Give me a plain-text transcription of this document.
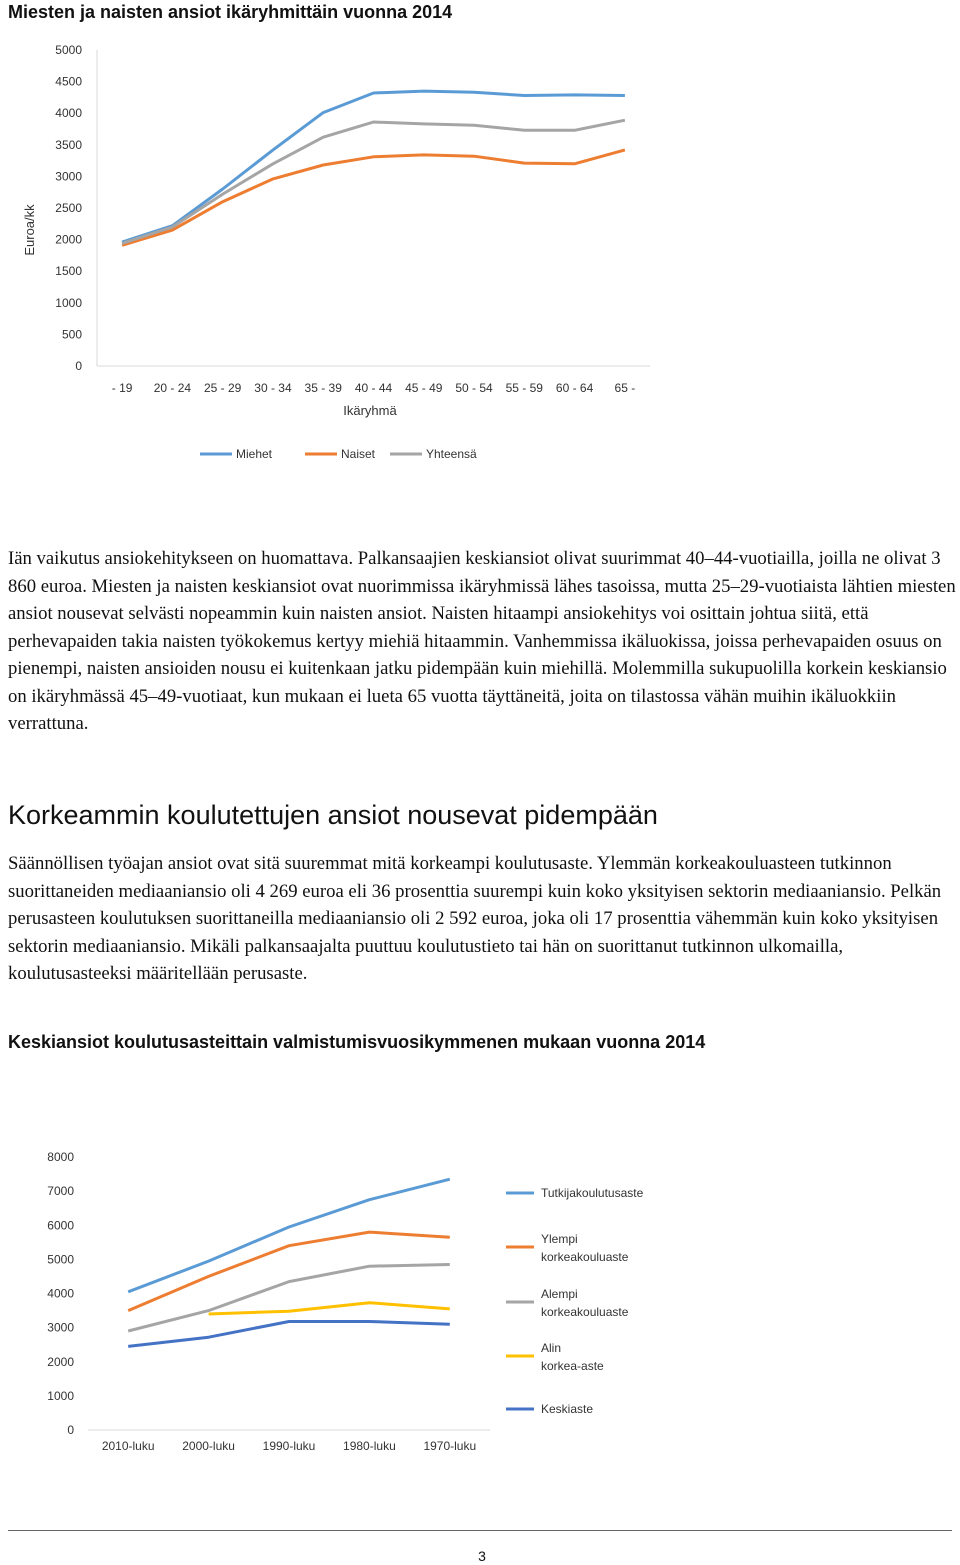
Miesten ja naisten ansiot ikäryhmittäin vuonna 2014
0
500
1000
1500
2000
2500
3000
3500
4000
4500
5000
- 19 20 - 24 25 - 29 30 - 34 35 - 39 40 - 44 45 - 49 50 - 54 55 - 59 60 - 64 65 -
Ikäryhmä
Euroa/kk
Miehet	Naiset	Yhteensä
Iän vaikutus ansiokehitykseen on huomattava. Palkansaajien keskiansiot olivat suurimmat 40–44-vuotiailla, joilla ne olivat 3 860 euroa. Miesten ja naisten keskiansiot ovat nuorimmissa ikäryhmissä lähes tasoissa, mutta 25–29-vuotiaista lähtien miesten ansiot nousevat selvästi nopeammin kuin naisten ansiot. Naisten hitaampi ansiokehitys voi osittain johtua siitä, että perhevapaiden takia naisten työkokemus kertyy miehiä hitaammin. Vanhemmissa ikäluokissa, joissa perhevapaiden osuus on pienempi, naisten ansioiden nousu ei kuitenkaan jatku pidempään kuin miehillä. Molemmilla sukupuolilla korkein keskiansio on ikäryhmässä 45–49-vuotiaat, kun mukaan ei lueta 65 vuotta täyttäneitä, joita on tilastossa vähän muihin ikäluokkiin verrattuna.
Korkeammin koulutettujen ansiot nousevat pidempään
Säännöllisen työajan ansiot ovat sitä suuremmat mitä korkeampi koulutusaste. Ylemmän korkeakouluasteen tutkinnon suorittaneiden mediaaniansio oli 4 269 euroa eli 36 prosenttia suurempi kuin koko yksityisen sektorin mediaaniansio. Pelkän perusasteen koulutuksen suorittaneilla mediaaniansio oli 2 592 euroa, joka oli 17 prosenttia vähemmän kuin koko yksityisen sektorin mediaaniansio. Mikäli palkansaajalta puuttuu koulutustieto tai hän on suorittanut tutkinnon ulkomailla, koulutusasteeksi määritellään perusaste.
Keskiansiot koulutusasteittain valmistumisvuosikymmenen mukaan vuonna 2014
0
1000
2000
3000
4000
5000
6000
7000
8000
2010-luku 2000-luku 1990-luku 1980-luku 1970-luku
Tutkijakoulutusaste
Ylempi korkeakouluaste
Alempi korkeakouluaste
Alin korkea-aste
Keskiaste
3
